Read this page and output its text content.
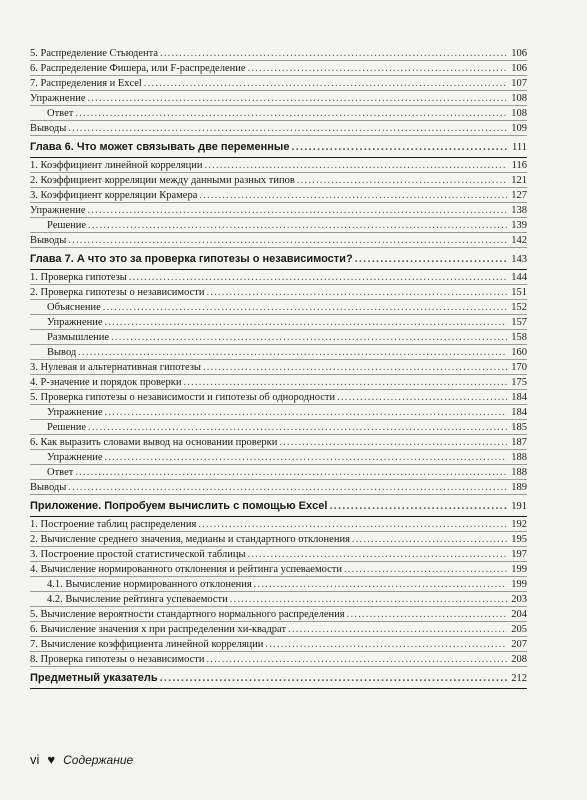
5. Распределение Стьюдента .....	106
6. Распределение Фишера, или F-распределение .....	106
7. Распределения и Excel .....	107
Упражнение .....	108
Ответ .....	108
Выводы .....	109
Глава 6. Что может связывать две переменные .....	111
1. Коэффициент линейной корреляции .....	116
2. Коэффициент корреляции между данными разных типов .....	121
3. Коэффициент корреляции Крамера .....	127
Упражнение .....	138
Решение .....	139
Выводы .....	142
Глава 7. А что это за проверка гипотезы о независимости? .....	143
1. Проверка гипотезы .....	144
2. Проверка гипотезы о независимости .....	151
Объяснение .....	152
Упражнение .....	157
Размышление .....	158
Вывод .....	160
3. Нулевая и альтернативная гипотезы .....	170
4. Р-значение и порядок проверки .....	175
5. Проверка гипотезы о независимости и гипотезы об однородности .....	184
Упражнение .....	184
Решение .....	185
6. Как выразить словами вывод на основании проверки .....	187
Упражнение .....	188
Ответ .....	188
Выводы .....	189
Приложение. Попробуем вычислить с помощью Excel .....	191
1. Построение таблиц распределения .....	192
2. Вычисление среднего значения, медианы и стандартного отклонения .....	195
3. Построение простой статистической таблицы .....	197
4. Вычисление нормированного отклонения и рейтинга успеваемости .....	199
4.1. Вычисление нормированного отклонения .....	199
4.2. Вычисление рейтинга успеваемости .....	203
5. Вычисление вероятности стандартного нормального распределения .....	204
6. Вычисление значения х при распределении хи-квадрат .....	205
7. Вычисление коэффициента линейной корреляции .....	207
8. Проверка гипотезы о независимости .....	208
Предметный указатель .....	212
vi ♥ Содержание
